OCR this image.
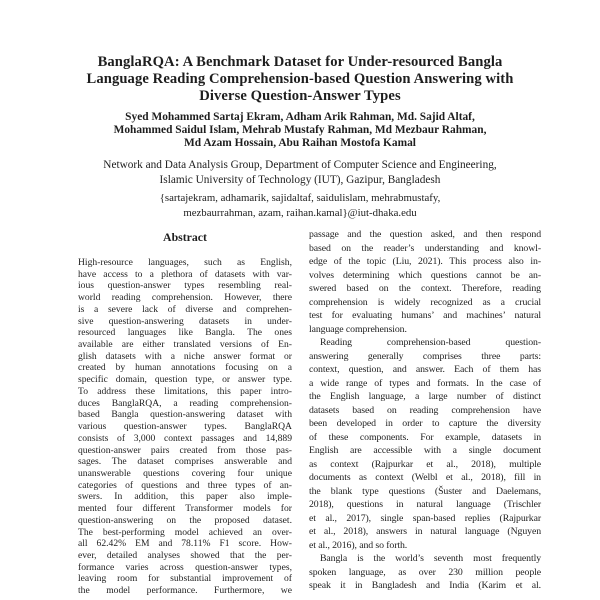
BanglaRQA: A Benchmark Dataset for Under-resourced Bangla
Language Reading Comprehension-based Question Answering with
Diverse Question-Answer Types
Syed Mohammed Sartaj Ekram, Adham Arik Rahman, Md. Sajid Altaf,
Mohammed Saidul Islam, Mehrab Mustafy Rahman, Md Mezbaur Rahman,
Md Azam Hossain, Abu Raihan Mostofa Kamal
Network and Data Analysis Group, Department of Computer Science and Engineering,
Islamic University of Technology (IUT), Gazipur, Bangladesh
{sartajekram, adhamarik, sajidaltaf, saidulislam, mehrabmustafy,
mezbaurrahman, azam, raihan.kamal}@iut-dhaka.edu
Abstract
High-resource languages, such as English,
have access to a plethora of datasets with var-
ious question-answer types resembling real-
world reading comprehension. However, there
is a severe lack of diverse and comprehen-
sive question-answering datasets in under-
resourced languages like Bangla. The ones
available are either translated versions of En-
glish datasets with a niche answer format or
created by human annotations focusing on a
specific domain, question type, or answer type.
To address these limitations, this paper intro-
duces BanglaRQA, a reading comprehension-
based Bangla question-answering dataset with
various question-answer types. BanglaRQA
consists of 3,000 context passages and 14,889
question-answer pairs created from those pas-
sages. The dataset comprises answerable and
unanswerable questions covering four unique
categories of questions and three types of an-
swers. In addition, this paper also imple-
mented four different Transformer models for
question-answering on the proposed dataset.
The best-performing model achieved an over-
all 62.42% EM and 78.11% F1 score. How-
ever, detailed analyses showed that the per-
formance varies across question-answer types,
leaving room for substantial improvement of
the model performance. Furthermore, we
passage and the question asked, and then respond
based on the reader’s understanding and knowl-
edge of the topic (Liu, 2021). This process also in-
volves determining which questions cannot be an-
swered based on the context. Therefore, reading
comprehension is widely recognized as a crucial
test for evaluating humans’ and machines’ natural
language comprehension.
Reading comprehension-based question-
answering generally comprises three parts:
context, question, and answer. Each of them has
a wide range of types and formats. In the case of
the English language, a large number of distinct
datasets based on reading comprehension have
been developed in order to capture the diversity
of these components. For example, datasets in
English are accessible with a single document
as context (Rajpurkar et al., 2018), multiple
documents as context (Welbl et al., 2018), fill in
the blank type questions (Šuster and Daelemans,
2018), questions in natural language (Trischler
et al., 2017), single span-based replies (Rajpurkar
et al., 2018), answers in natural language (Nguyen
et al., 2016), and so forth.
Bangla is the world’s seventh most frequently
spoken language, as over 230 million people
speak it in Bangladesh and India (Karim et al.
